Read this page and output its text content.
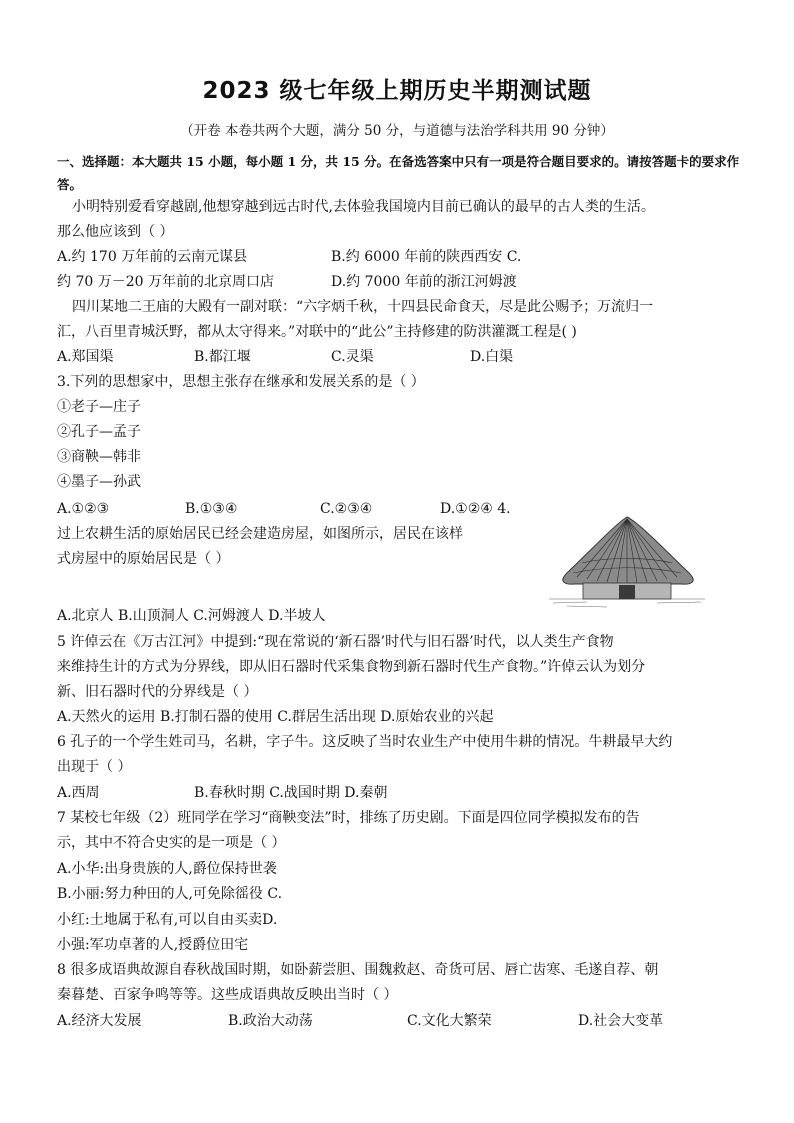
2023 级七年级上期历史半期测试题
（开卷 本卷共两个大题，满分 50 分，与道德与法治学科共用 90 分钟）
一、选择题：本大题共 15 小题，每小题 1 分，共 15 分。在备选答案中只有一项是符合题目要求的。请按答题卡的要求作答。
小明特别爱看穿越剧,他想穿越到远古时代,去体验我国境内目前已确认的最早的古人类的生活。
那么他应该到（ ）
A.约 170 万年前的云南元谋县	B.约 6000 年前的陕西西安 C.
约 70 万－20 万年前的北京周口店	D.约 7000 年前的浙江河姆渡
四川某地二王庙的大殿有一副对联：“六字炳千秋，十四县民命食天，尽是此公赐予；万流归一
汇，八百里青城沃野，都从太守得来。”对联中的“此公”主持修建的防洪灌溉工程是( )
A.郑国渠	B.都江堰	C.灵渠	D.白渠
3.下列的思想家中，思想主张存在继承和发展关系的是（ ）
①老子—庄子
②孔子—孟子
③商鞅—韩非
④墨子—孙武
A.①②③	B.①③④	C.②③④	D.①②④ 4.
过上农耕生活的原始居民已经会建造房屋，如图所示，居民在该样
式房屋中的原始居民是（ ）
A.北京人 B.山顶洞人 C.河姆渡人 D.半坡人
5 许倬云在《万古江河》中提到:“现在常说的‘新石器’时代与旧石器’时代，以人类生产食物
来维持生计的方式为分界线，即从旧石器时代采集食物到新石器时代生产食物。”许倬云认为划分
新、旧石器时代的分界线是（ ）
A.天然火的运用 B.打制石器的使用 C.群居生活出现 D.原始农业的兴起
6 孔子的一个学生姓司马，名耕，字子牛。这反映了当时农业生产中使用牛耕的情况。牛耕最早大约
出现于（ ）
A.西周	B.春秋时期 C.战国时期 D.秦朝
7 某校七年级（2）班同学在学习“商鞅变法”时，排练了历史剧。下面是四位同学模拟发布的告
示，其中不符合史实的是一项是（ ）
A.小华:出身贵族的人,爵位保持世袭
B.小丽:努力种田的人,可免除徭役 C.
小红:土地属于私有,可以自由买卖D.
小强:军功卓著的人,授爵位田宅
8 很多成语典故源自春秋战国时期，如卧薪尝胆、围魏救赵、奇货可居、唇亡齿寒、毛遂自荐、朝
秦暮楚、百家争鸣等等。这些成语典故反映出当时（ ）
A.经济大发展	B.政治大动荡	C.文化大繁荣	D.社会大变革
